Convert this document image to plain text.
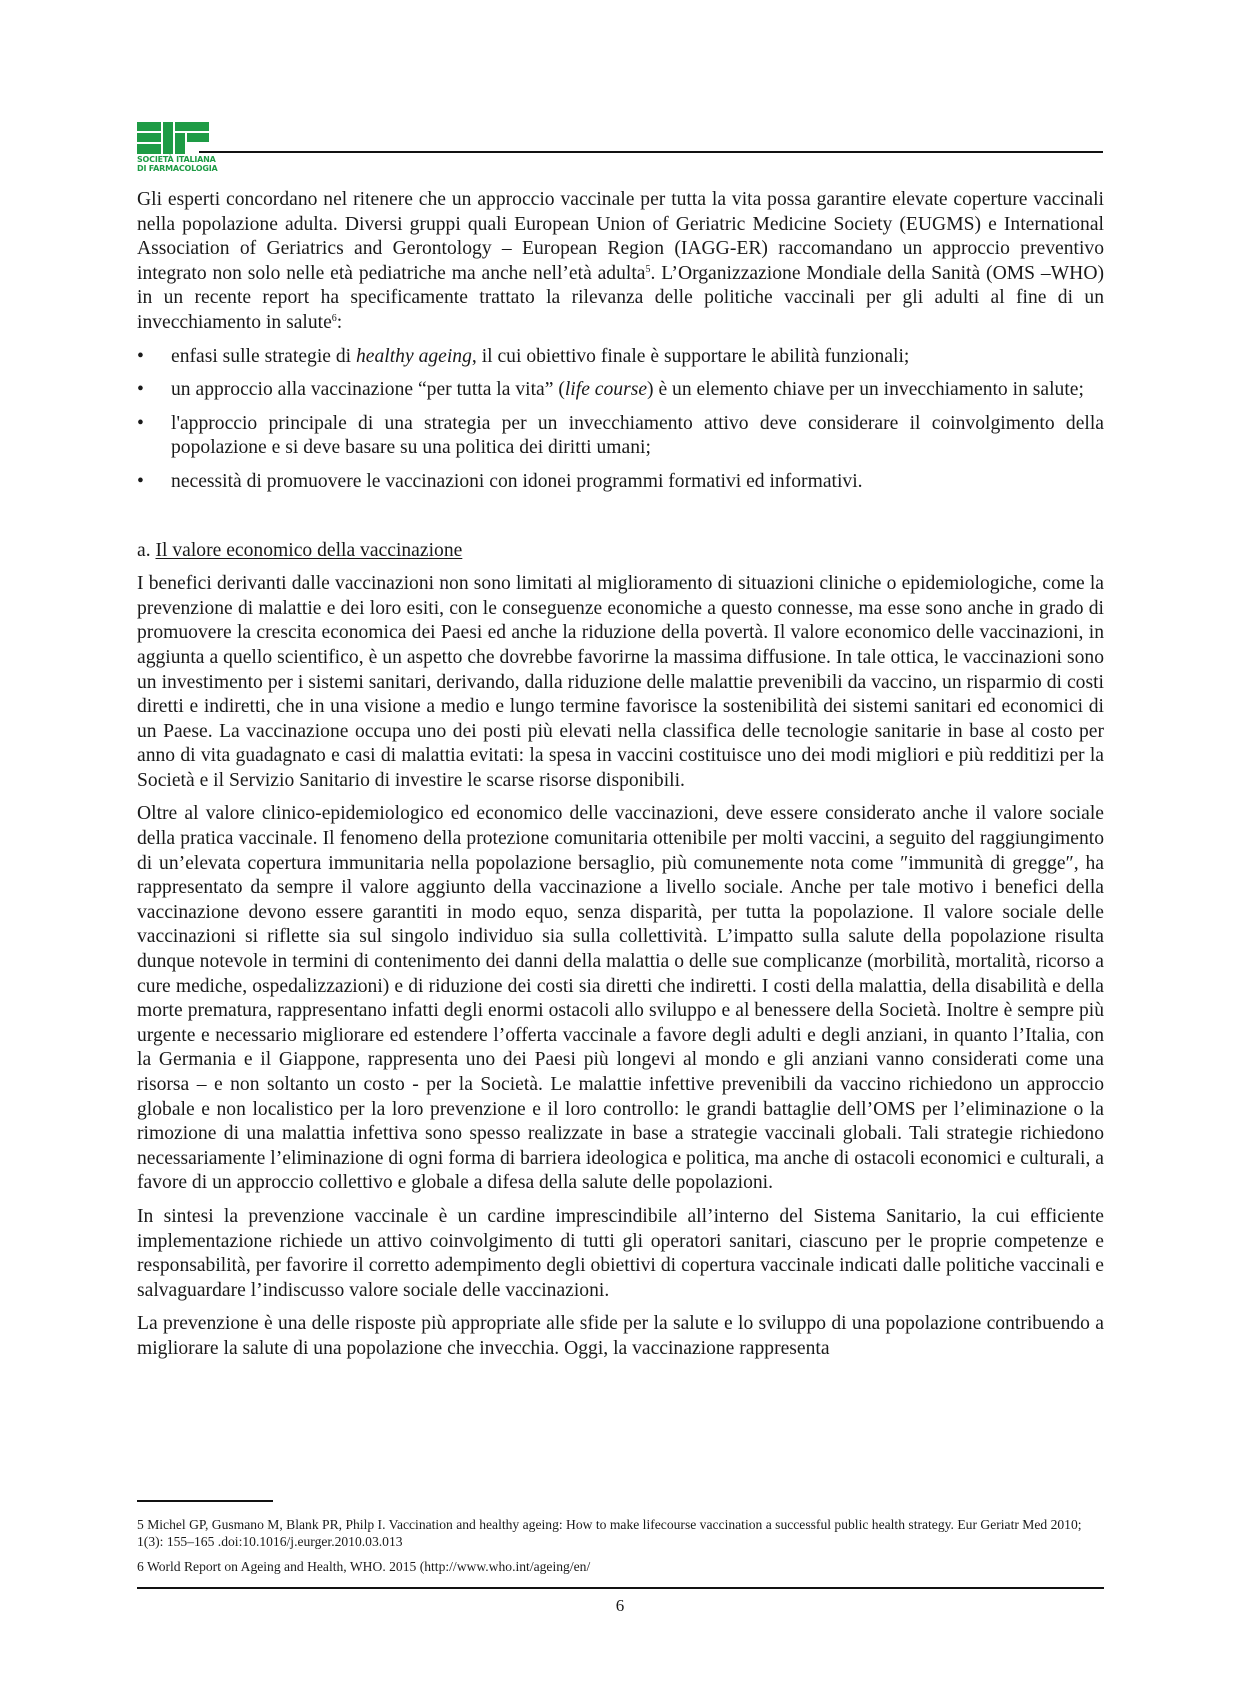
SOCIETÀ ITALIANA
DI FARMACOLOGIA

Gli esperti concordano nel ritenere che un approccio vaccinale per tutta la vita possa garantire elevate coperture vaccinali nella popolazione adulta. Diversi gruppi quali European Union of Geriatric Medicine Society (EUGMS) e International Association of Geriatrics and Gerontology – European Region (IAGG-ER) raccomandano un approccio preventivo integrato non solo nelle età pediatriche ma anche nell’età adulta$^5$. L’Organizzazione Mondiale della Sanità (OMS –WHO) in un recente report ha specificamente trattato la rilevanza delle politiche vaccinali per gli adulti al fine di un invecchiamento in salute$^6$:

• enfasi sulle strategie di healthy ageing, il cui obiettivo finale è supportare le abilità funzionali;
• un approccio alla vaccinazione “per tutta la vita” (life course) è un elemento chiave per un invecchiamento in salute;
• l'approccio principale di una strategia per un invecchiamento attivo deve considerare il coinvolgimento della popolazione e si deve basare su una politica dei diritti umani;
• necessità di promuovere le vaccinazioni con idonei programmi formativi ed informativi.

a. Il valore economico della vaccinazione

I benefici derivanti dalle vaccinazioni non sono limitati al miglioramento di situazioni cliniche o epidemiologiche, come la prevenzione di malattie e dei loro esiti, con le conseguenze economiche a questo connesse, ma esse sono anche in grado di promuovere la crescita economica dei Paesi ed anche la riduzione della povertà. Il valore economico delle vaccinazioni, in aggiunta a quello scientifico, è un aspetto che dovrebbe favorirne la massima diffusione. In tale ottica, le vaccinazioni sono un investimento per i sistemi sanitari, derivando, dalla riduzione delle malattie prevenibili da vaccino, un risparmio di costi diretti e indiretti, che in una visione a medio e lungo termine favorisce la sostenibilità dei sistemi sanitari ed economici di un Paese. La vaccinazione occupa uno dei posti più elevati nella classifica delle tecnologie sanitarie in base al costo per anno di vita guadagnato e casi di malattia evitati: la spesa in vaccini costituisce uno dei modi migliori e più redditizi per la Società e il Servizio Sanitario di investire le scarse risorse disponibili.

Oltre al valore clinico-epidemiologico ed economico delle vaccinazioni, deve essere considerato anche il valore sociale della pratica vaccinale. Il fenomeno della protezione comunitaria ottenibile per molti vaccini, a seguito del raggiungimento di un’elevata copertura immunitaria nella popolazione bersaglio, più comunemente nota come ″immunità di gregge″, ha rappresentato da sempre il valore aggiunto della vaccinazione a livello sociale. Anche per tale motivo i benefici della vaccinazione devono essere garantiti in modo equo, senza disparità, per tutta la popolazione. Il valore sociale delle vaccinazioni si riflette sia sul singolo individuo sia sulla collettività. L’impatto sulla salute della popolazione risulta dunque notevole in termini di contenimento dei danni della malattia o delle sue complicanze (morbilità, mortalità, ricorso a cure mediche, ospedalizzazioni) e di riduzione dei costi sia diretti che indiretti. I costi della malattia, della disabilità e della morte prematura, rappresentano infatti degli enormi ostacoli allo sviluppo e al benessere della Società. Inoltre è sempre più urgente e necessario migliorare ed estendere l’offerta vaccinale a favore degli adulti e degli anziani, in quanto l’Italia, con la Germania e il Giappone, rappresenta uno dei Paesi più longevi al mondo e gli anziani vanno considerati come una risorsa – e non soltanto un costo - per la Società. Le malattie infettive prevenibili da vaccino richiedono un approccio globale e non localistico per la loro prevenzione e il loro controllo: le grandi battaglie dell’OMS per l’eliminazione o la rimozione di una malattia infettiva sono spesso realizzate in base a strategie vaccinali globali. Tali strategie richiedono necessariamente l’eliminazione di ogni forma di barriera ideologica e politica, ma anche di ostacoli economici e culturali, a favore di un approccio collettivo e globale a difesa della salute delle popolazioni.

In sintesi la prevenzione vaccinale è un cardine imprescindibile all’interno del Sistema Sanitario, la cui efficiente implementazione richiede un attivo coinvolgimento di tutti gli operatori sanitari, ciascuno per le proprie competenze e responsabilità, per favorire il corretto adempimento degli obiettivi di copertura vaccinale indicati dalle politiche vaccinali e salvaguardare l’indiscusso valore sociale delle vaccinazioni.

La prevenzione è una delle risposte più appropriate alle sfide per la salute e lo sviluppo di una popolazione contribuendo a migliorare la salute di una popolazione che invecchia. Oggi, la vaccinazione rappresenta

5 Michel GP, Gusmano M, Blank PR, Philp I. Vaccination and healthy ageing: How to make lifecourse vaccination a successful public health strategy. Eur Geriatr Med 2010; 1(3): 155–165 .doi:10.1016/j.eurger.2010.03.013

6 World Report on Ageing and Health, WHO. 2015 (http://www.who.int/ageing/en/

6
